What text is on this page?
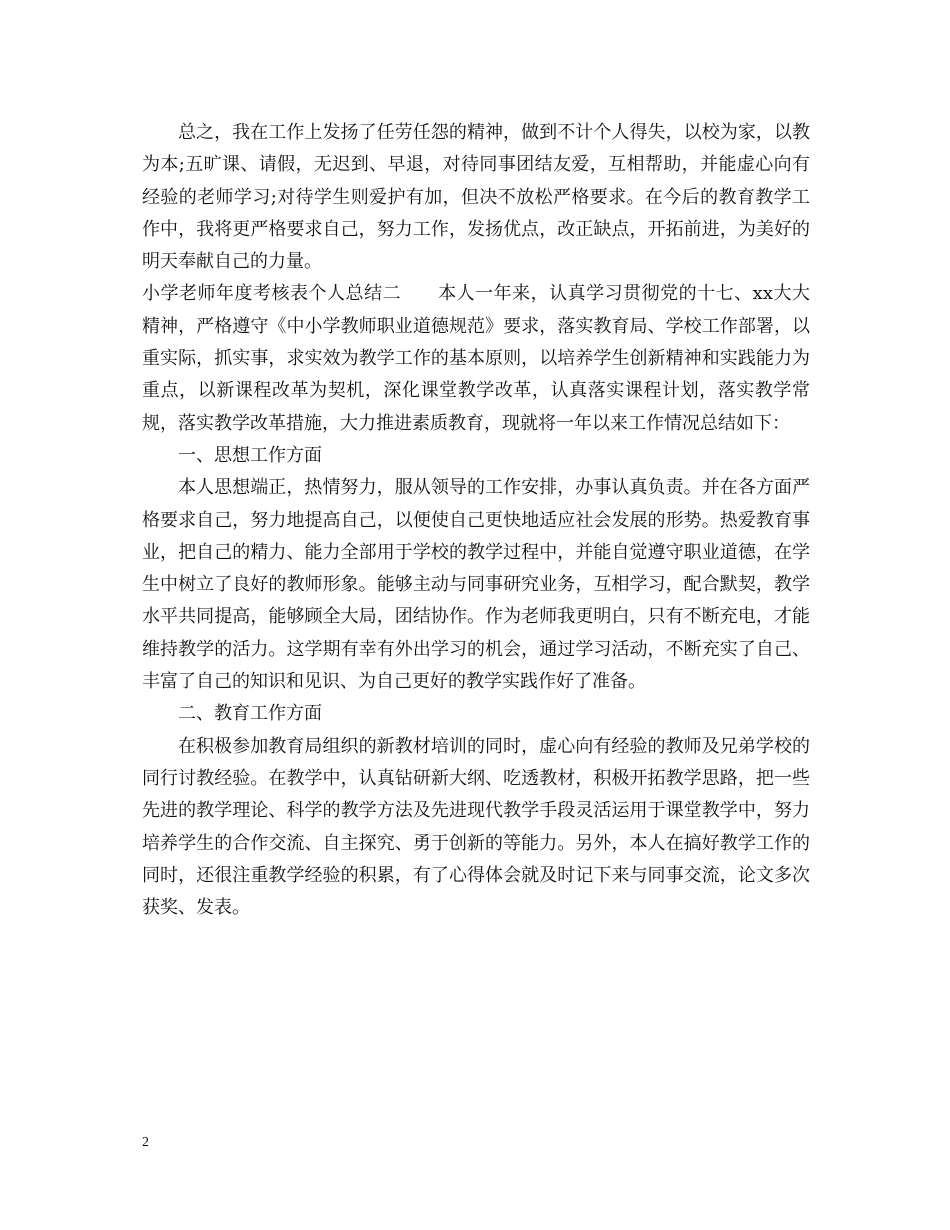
总之，我在工作上发扬了任劳任怨的精神，做到不计个人得失，以校为家，以教为本;五旷课、请假，无迟到、早退，对待同事团结友爱，互相帮助，并能虚心向有经验的老师学习;对待学生则爱护有加，但决不放松严格要求。在今后的教育教学工作中，我将更严格要求自己，努力工作，发扬优点，改正缺点，开拓前进，为美好的明天奉献自己的力量。

小学老师年度考核表个人总结二　　本人一年来，认真学习贯彻党的十七、xx大大精神，严格遵守《中小学教师职业道德规范》要求，落实教育局、学校工作部署，以重实际，抓实事，求实效为教学工作的基本原则，以培养学生创新精神和实践能力为重点，以新课程改革为契机，深化课堂教学改革，认真落实课程计划，落实教学常规，落实教学改革措施，大力推进素质教育，现就将一年以来工作情况总结如下：

一、思想工作方面

本人思想端正，热情努力，服从领导的工作安排，办事认真负责。并在各方面严格要求自己，努力地提高自己，以便使自己更快地适应社会发展的形势。热爱教育事业，把自己的精力、能力全部用于学校的教学过程中，并能自觉遵守职业道德，在学生中树立了良好的教师形象。能够主动与同事研究业务，互相学习，配合默契，教学水平共同提高，能够顾全大局，团结协作。作为老师我更明白，只有不断充电，才能维持教学的活力。这学期有幸有外出学习的机会，通过学习活动，不断充实了自己、丰富了自己的知识和见识、为自己更好的教学实践作好了准备。

二、教育工作方面

在积极参加教育局组织的新教材培训的同时，虚心向有经验的教师及兄弟学校的同行讨教经验。在教学中，认真钻研新大纲、吃透教材，积极开拓教学思路，把一些先进的教学理论、科学的教学方法及先进现代教学手段灵活运用于课堂教学中，努力培养学生的合作交流、自主探究、勇于创新的等能力。另外，本人在搞好教学工作的同时，还很注重教学经验的积累，有了心得体会就及时记下来与同事交流，论文多次获奖、发表。

2
